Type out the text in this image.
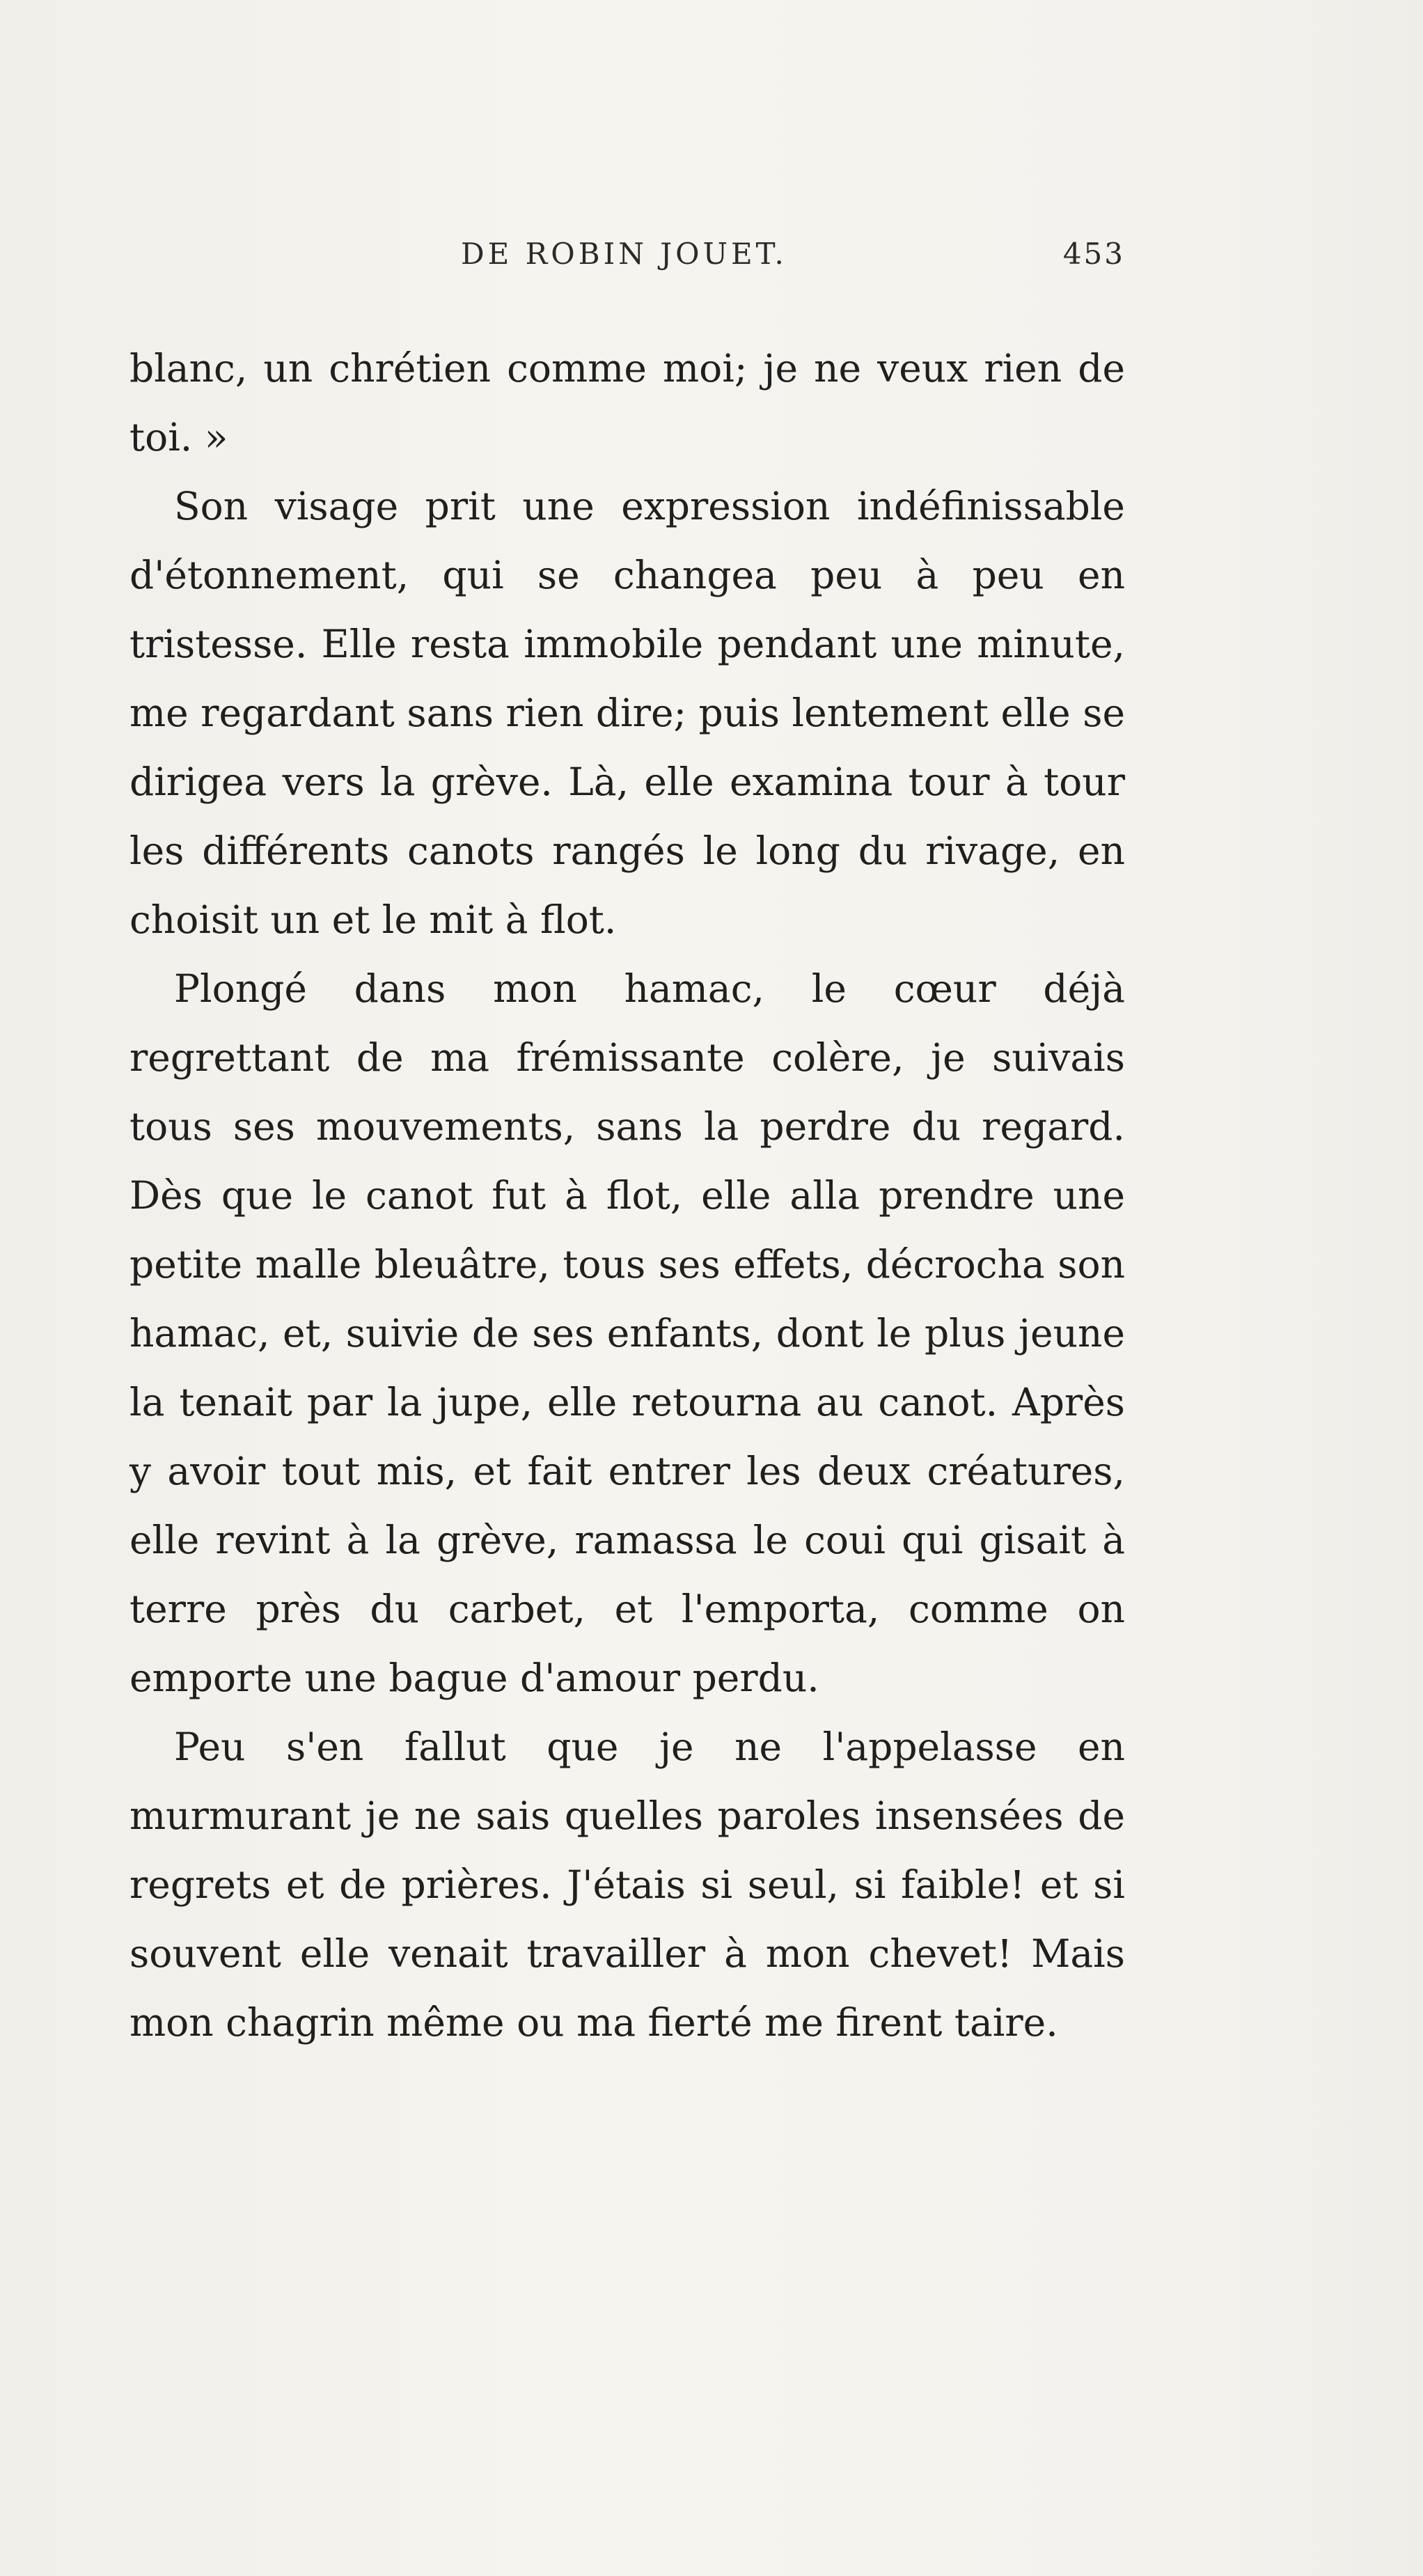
DE ROBIN JOUET.	453

blanc, un chrétien comme moi; je ne veux rien de toi. »

Son visage prit une expression indéfinissable d'étonnement, qui se changea peu à peu en tristesse. Elle resta immobile pendant une minute, me regardant sans rien dire; puis lentement elle se dirigea vers la grève. Là, elle examina tour à tour les différents canots rangés le long du rivage, en choisit un et le mit à flot.

Plongé dans mon hamac, le cœur déjà regrettant de ma frémissante colère, je suivais tous ses mouvements, sans la perdre du regard. Dès que le canot fut à flot, elle alla prendre une petite malle bleuâtre, tous ses effets, décrocha son hamac, et, suivie de ses enfants, dont le plus jeune la tenait par la jupe, elle retourna au canot. Après y avoir tout mis, et fait entrer les deux créatures, elle revint à la grève, ramassa le coui qui gisait à terre près du carbet, et l'emporta, comme on emporte une bague d'amour perdu.

Peu s'en fallut que je ne l'appelasse en murmurant je ne sais quelles paroles insensées de regrets et de prières. J'étais si seul, si faible! et si souvent elle venait travailler à mon chevet! Mais mon chagrin même ou ma fierté me firent taire.
